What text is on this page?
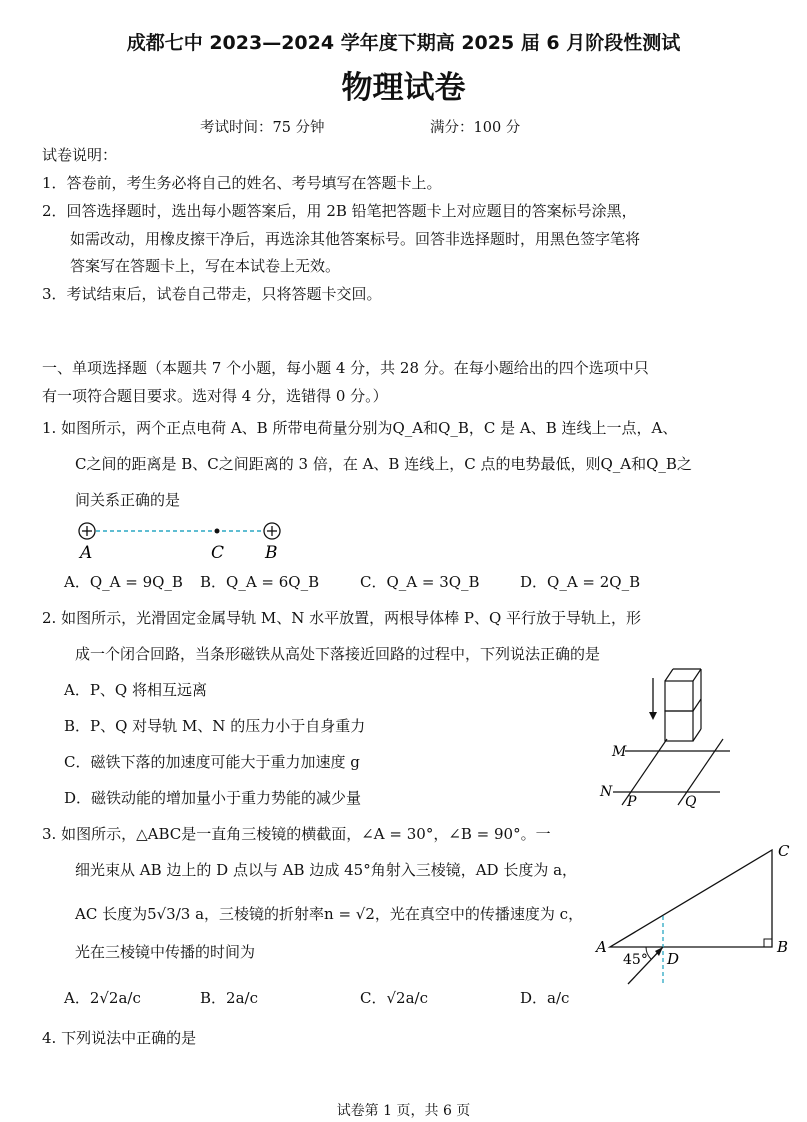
成都七中 2023—2024 学年度下期高 2025 届 6 月阶段性测试
物理试卷
考试时间：75 分钟	满分：100 分
试卷说明：
1．答卷前，考生务必将自己的姓名、考号填写在答题卡上。
2．回答选择题时，选出每小题答案后，用 2B 铅笔把答题卡上对应题目的答案标号涂黑，
如需改动，用橡皮擦干净后，再选涂其他答案标号。回答非选择题时，用黑色签字笔将
答案写在答题卡上，写在本试卷上无效。
3．考试结束后，试卷自己带走，只将答题卡交回。
一、单项选择题（本题共 7 个小题，每小题 4 分，共 28 分。在每小题给出的四个选项中只
有一项符合题目要求。选对得 4 分，选错得 0 分。）
1. 如图所示，两个正点电荷 A、B 所带电荷量分别为Q_A和Q_B，C 是 A、B 连线上一点，A、
C之间的距离是 B、C之间距离的 3 倍，在 A、B 连线上，C 点的电势最低，则Q_A和Q_B之
间关系正确的是
A	C B
A．Q_A = 9Q_B B．Q_A = 6Q_B	C．Q_A = 3Q_B	D．Q_A = 2Q_B
2. 如图所示，光滑固定金属导轨 M、N 水平放置，两根导体棒 P、Q 平行放于导轨上，形
成一个闭合回路，当条形磁铁从高处下落接近回路的过程中，下列说法正确的是
A．P、Q 将相互远离
B．P、Q 对导轨 M、N 的压力小于自身重力
C．磁铁下落的加速度可能大于重力加速度 g
D．磁铁动能的增加量小于重力势能的减少量
M
N
P	Q
3. 如图所示，△ABC是一直角三棱镜的横截面，∠A = 30°，∠B = 90°。一
细光束从 AB 边上的 D 点以与 AB 边成 45°角射入三棱镜，AD 长度为 a，
AC 长度为5√3/3 a，三棱镜的折射率n = √2，光在真空中的传播速度为 c，
光在三棱镜中传播的时间为	A	B
C
D
45°
A．2√2a/c	B．2a/c	C．√2a/c	D．a/c
4. 下列说法中正确的是
试卷第 1 页，共 6 页
